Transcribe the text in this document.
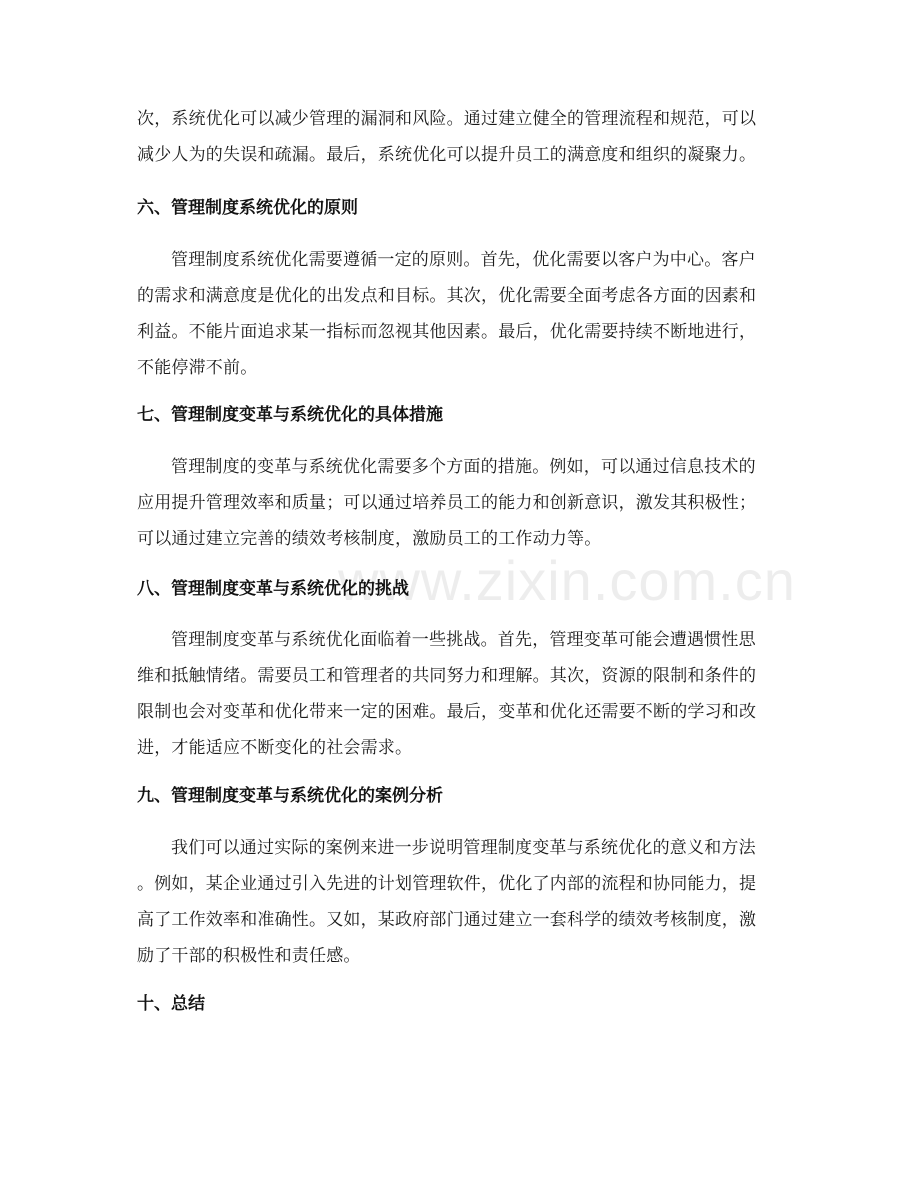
次，系统优化可以减少管理的漏洞和风险。通过建立健全的管理流程和规范，可以
减少人为的失误和疏漏。最后，系统优化可以提升员工的满意度和组织的凝聚力。

六、管理制度系统优化的原则

管理制度系统优化需要遵循一定的原则。首先，优化需要以客户为中心。客户
的需求和满意度是优化的出发点和目标。其次，优化需要全面考虑各方面的因素和
利益。不能片面追求某一指标而忽视其他因素。最后，优化需要持续不断地进行，
不能停滞不前。

七、管理制度变革与系统优化的具体措施

管理制度的变革与系统优化需要多个方面的措施。例如，可以通过信息技术的
应用提升管理效率和质量；可以通过培养员工的能力和创新意识，激发其积极性；
可以通过建立完善的绩效考核制度，激励员工的工作动力等。

八、管理制度变革与系统优化的挑战

管理制度变革与系统优化面临着一些挑战。首先，管理变革可能会遭遇惯性思
维和抵触情绪。需要员工和管理者的共同努力和理解。其次，资源的限制和条件的
限制也会对变革和优化带来一定的困难。最后，变革和优化还需要不断的学习和改
进，才能适应不断变化的社会需求。

九、管理制度变革与系统优化的案例分析

我们可以通过实际的案例来进一步说明管理制度变革与系统优化的意义和方法
。例如，某企业通过引入先进的计划管理软件，优化了内部的流程和协同能力，提
高了工作效率和准确性。又如，某政府部门通过建立一套科学的绩效考核制度，激
励了干部的积极性和责任感。

十、总结
www.zixin.com.cn
